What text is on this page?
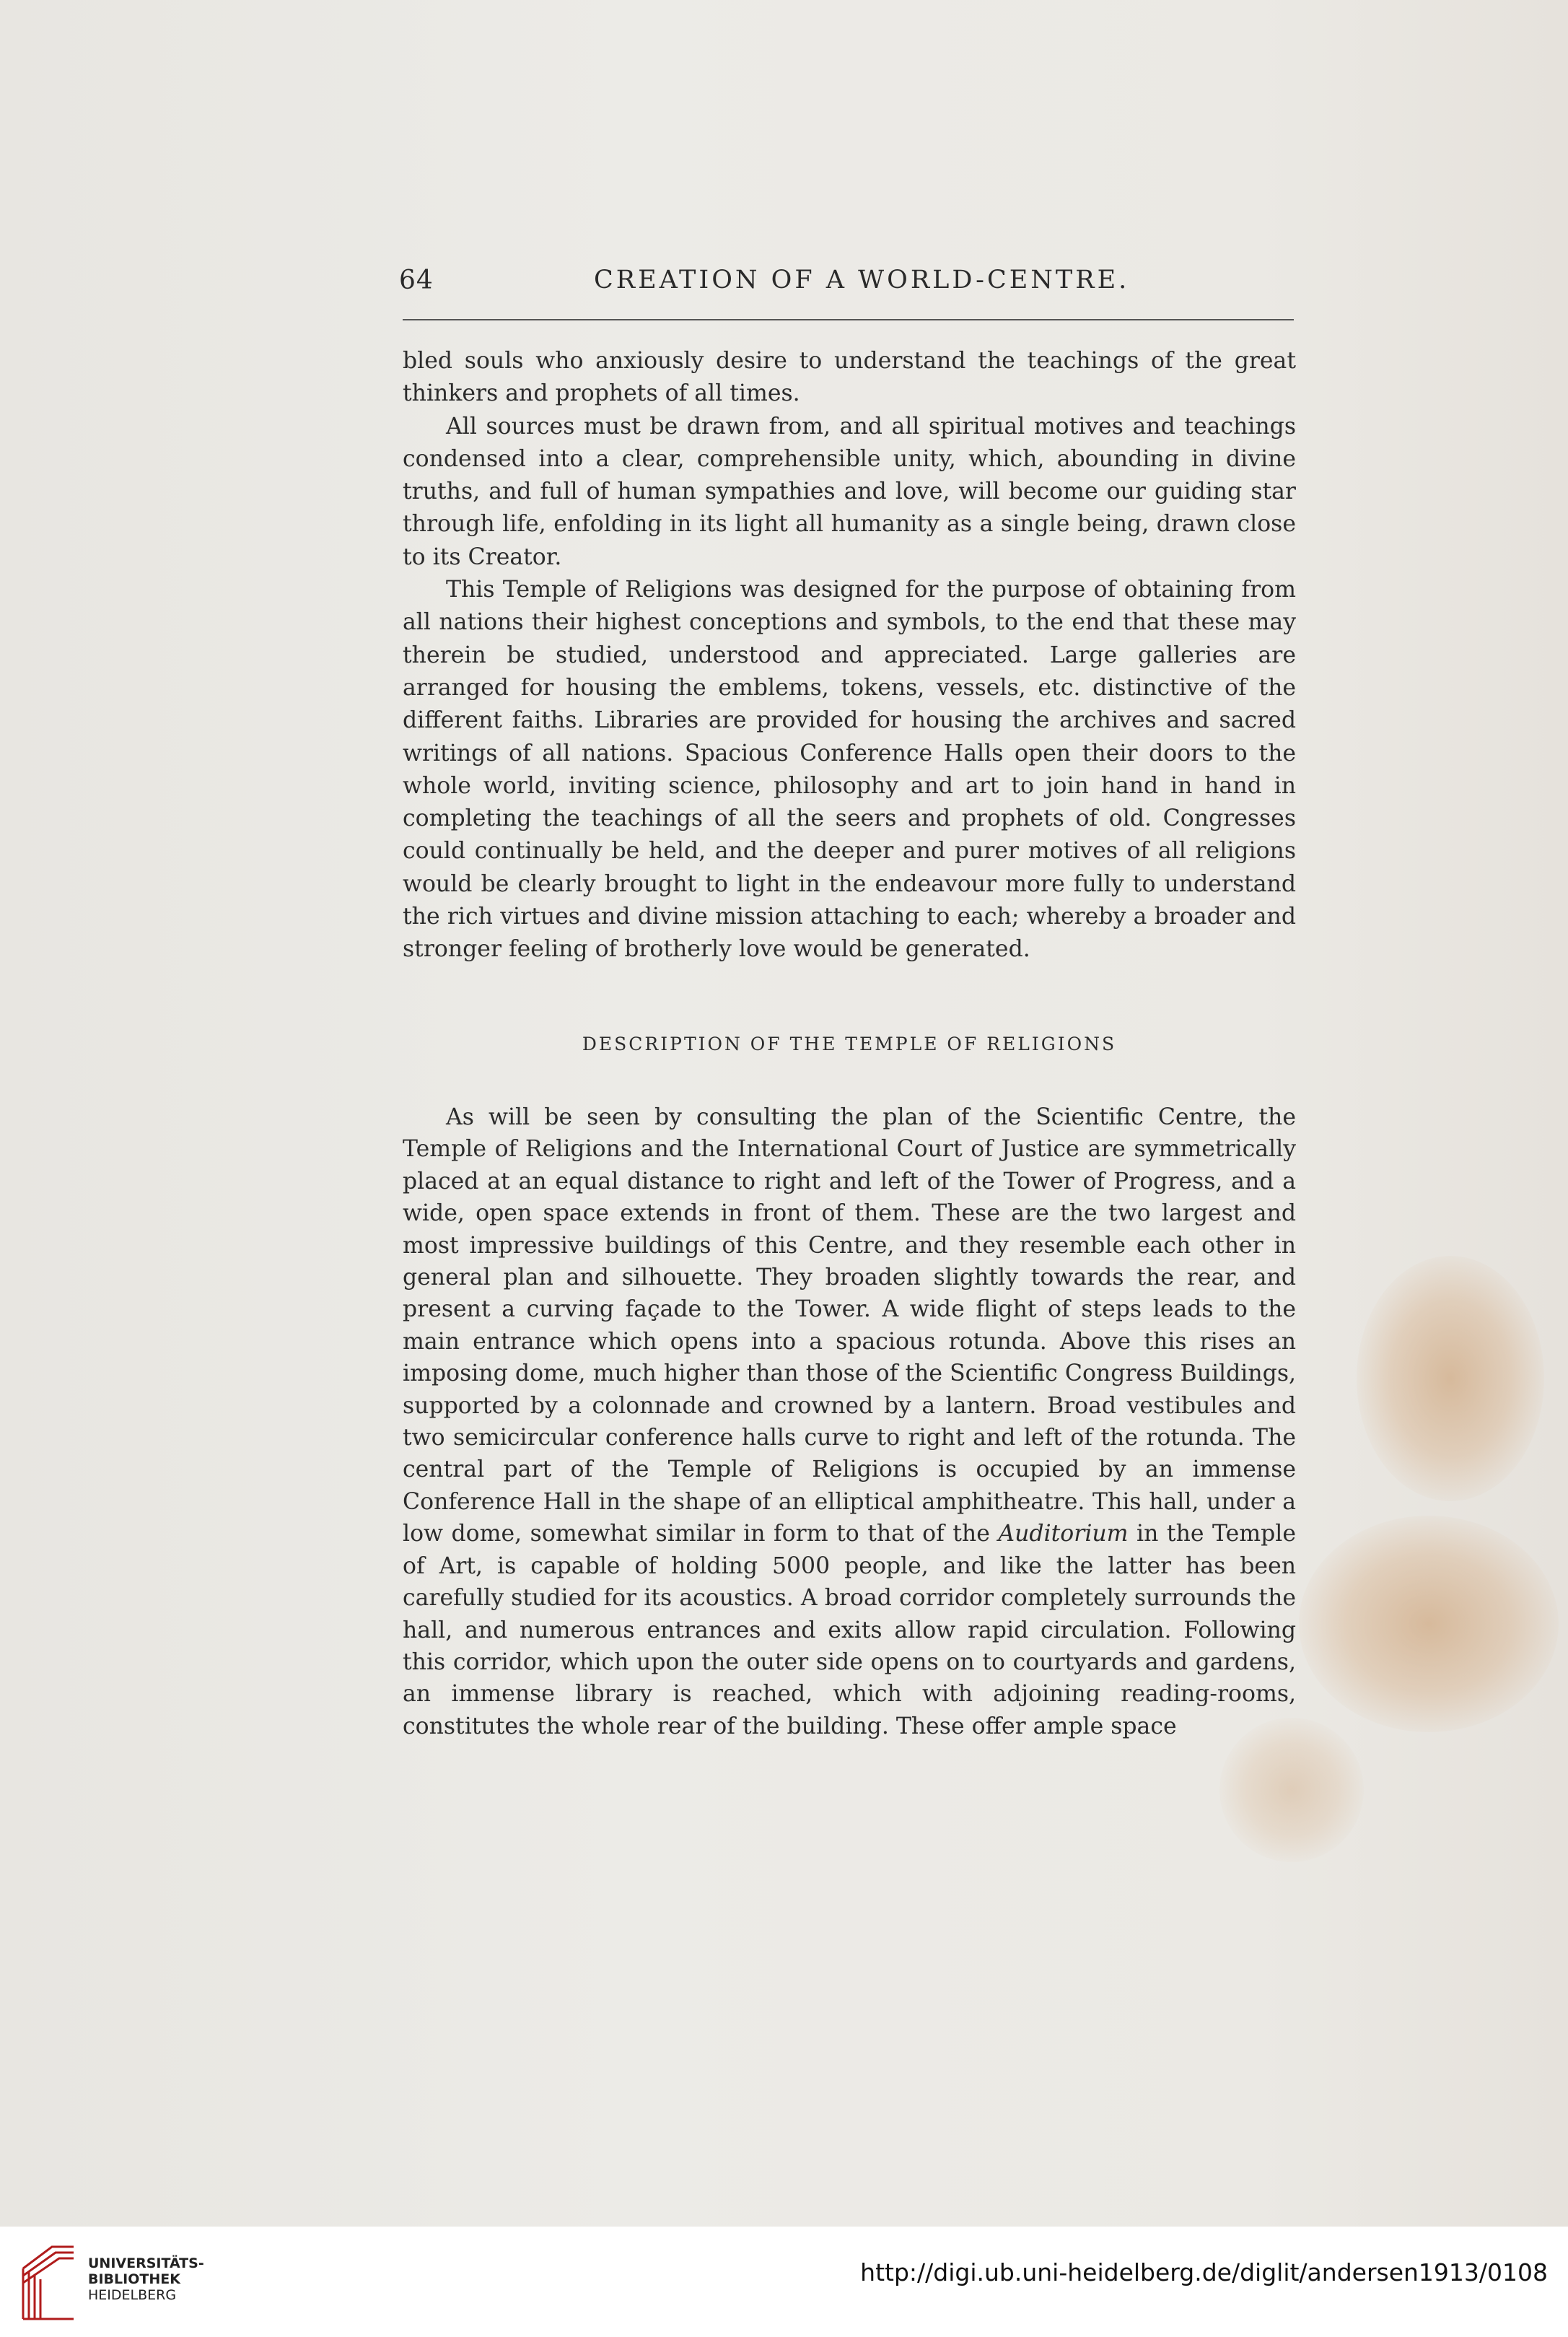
64	CREATION OF A WORLD-CENTRE.

bled souls who anxiously desire to understand the teachings of the great thinkers and prophets of all times.

All sources must be drawn from, and all spiritual motives and teachings condensed into a clear, comprehensible unity, which, abounding in divine truths, and full of human sympathies and love, will become our guiding star through life, enfolding in its light all humanity as a single being, drawn close to its Creator.

This Temple of Religions was designed for the purpose of obtaining from all nations their highest conceptions and symbols, to the end that these may therein be studied, understood and appreciated. Large galleries are arranged for housing the emblems, tokens, vessels, etc. distinctive of the different faiths. Libraries are provided for housing the archives and sacred writings of all nations. Spacious Conference Halls open their doors to the whole world, inviting science, philosophy and art to join hand in hand in completing the teachings of all the seers and prophets of old. Congresses could continually be held, and the deeper and purer motives of all religions would be clearly brought to light in the endeavour more fully to understand the rich virtues and divine mission attaching to each; whereby a broader and stronger feeling of brotherly love would be generated.

DESCRIPTION OF THE TEMPLE OF RELIGIONS

As will be seen by consulting the plan of the Scientific Centre, the Temple of Religions and the International Court of Justice are symmetrically placed at an equal distance to right and left of the Tower of Progress, and a wide, open space extends in front of them. These are the two largest and most impressive buildings of this Centre, and they resemble each other in general plan and silhouette. They broaden slightly towards the rear, and present a curving façade to the Tower. A wide flight of steps leads to the main entrance which opens into a spacious rotunda. Above this rises an imposing dome, much higher than those of the Scientific Congress Buildings, supported by a colonnade and crowned by a lantern. Broad vestibules and two semicircular conference halls curve to right and left of the rotunda. The central part of the Temple of Religions is occupied by an immense Conference Hall in the shape of an elliptical amphitheatre. This hall, under a low dome, somewhat similar in form to that of the Auditorium in the Temple of Art, is capable of holding 5000 people, and like the latter has been carefully studied for its acoustics. A broad corridor completely surrounds the hall, and numerous entrances and exits allow rapid circulation. Following this corridor, which upon the outer side opens on to courtyards and gardens, an immense library is reached, which with adjoining reading-rooms, constitutes the whole rear of the building. These offer ample space

UNIVERSITÄTS-
BIBLIOTHEK
HEIDELBERG
http://digi.ub.uni-heidelberg.de/diglit/andersen1913/0108
